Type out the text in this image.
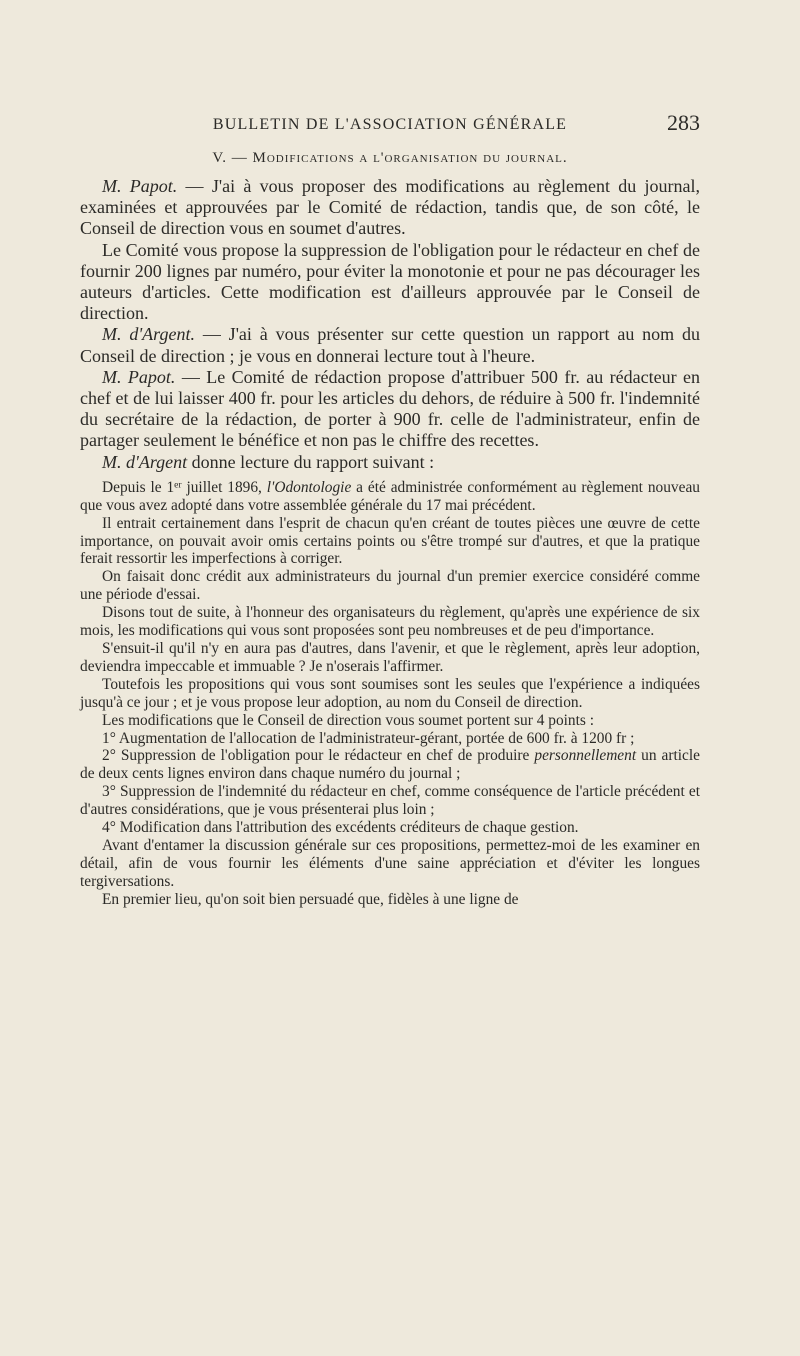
BULLETIN DE L'ASSOCIATION GÉNÉRALE	283
V. — Modifications a l'organisation du journal.

M. Papot. — J'ai à vous proposer des modifications au règlement du journal, examinées et approuvées par le Comité de rédaction, tandis que, de son côté, le Conseil de direction vous en soumet d'autres.

Le Comité vous propose la suppression de l'obligation pour le rédacteur en chef de fournir 200 lignes par numéro, pour éviter la monotonie et pour ne pas décourager les auteurs d'articles. Cette modification est d'ailleurs approuvée par le Conseil de direction.

M. d'Argent. — J'ai à vous présenter sur cette question un rapport au nom du Conseil de direction ; je vous en donnerai lecture tout à l'heure.

M. Papot. — Le Comité de rédaction propose d'attribuer 500 fr. au rédacteur en chef et de lui laisser 400 fr. pour les articles du dehors, de réduire à 500 fr. l'indemnité du secrétaire de la rédaction, de porter à 900 fr. celle de l'administrateur, enfin de partager seulement le bénéfice et non pas le chiffre des recettes.

M. d'Argent donne lecture du rapport suivant :

Depuis le 1er juillet 1896, l'Odontologie a été administrée conformément au règlement nouveau que vous avez adopté dans votre assemblée générale du 17 mai précédent.

Il entrait certainement dans l'esprit de chacun qu'en créant de toutes pièces une œuvre de cette importance, on pouvait avoir omis certains points ou s'être trompé sur d'autres, et que la pratique ferait ressortir les imperfections à corriger.

On faisait donc crédit aux administrateurs du journal d'un premier exercice considéré comme une période d'essai.

Disons tout de suite, à l'honneur des organisateurs du règlement, qu'après une expérience de six mois, les modifications qui vous sont proposées sont peu nombreuses et de peu d'importance.

S'ensuit-il qu'il n'y en aura pas d'autres, dans l'avenir, et que le règlement, après leur adoption, deviendra impeccable et immuable ? Je n'oserais l'affirmer.

Toutefois les propositions qui vous sont soumises sont les seules que l'expérience a indiquées jusqu'à ce jour ; et je vous propose leur adoption, au nom du Conseil de direction.

Les modifications que le Conseil de direction vous soumet portent sur 4 points :

1° Augmentation de l'allocation de l'administrateur-gérant, portée de 600 fr. à 1200 fr ;

2° Suppression de l'obligation pour le rédacteur en chef de produire personnellement un article de deux cents lignes environ dans chaque numéro du journal ;

3° Suppression de l'indemnité du rédacteur en chef, comme conséquence de l'article précédent et d'autres considérations, que je vous présenterai plus loin ;

4° Modification dans l'attribution des excédents créditeurs de chaque gestion.

Avant d'entamer la discussion générale sur ces propositions, permettez-moi de les examiner en détail, afin de vous fournir les éléments d'une saine appréciation et d'éviter les longues tergiversations.

En premier lieu, qu'on soit bien persuadé que, fidèles à une ligne de
